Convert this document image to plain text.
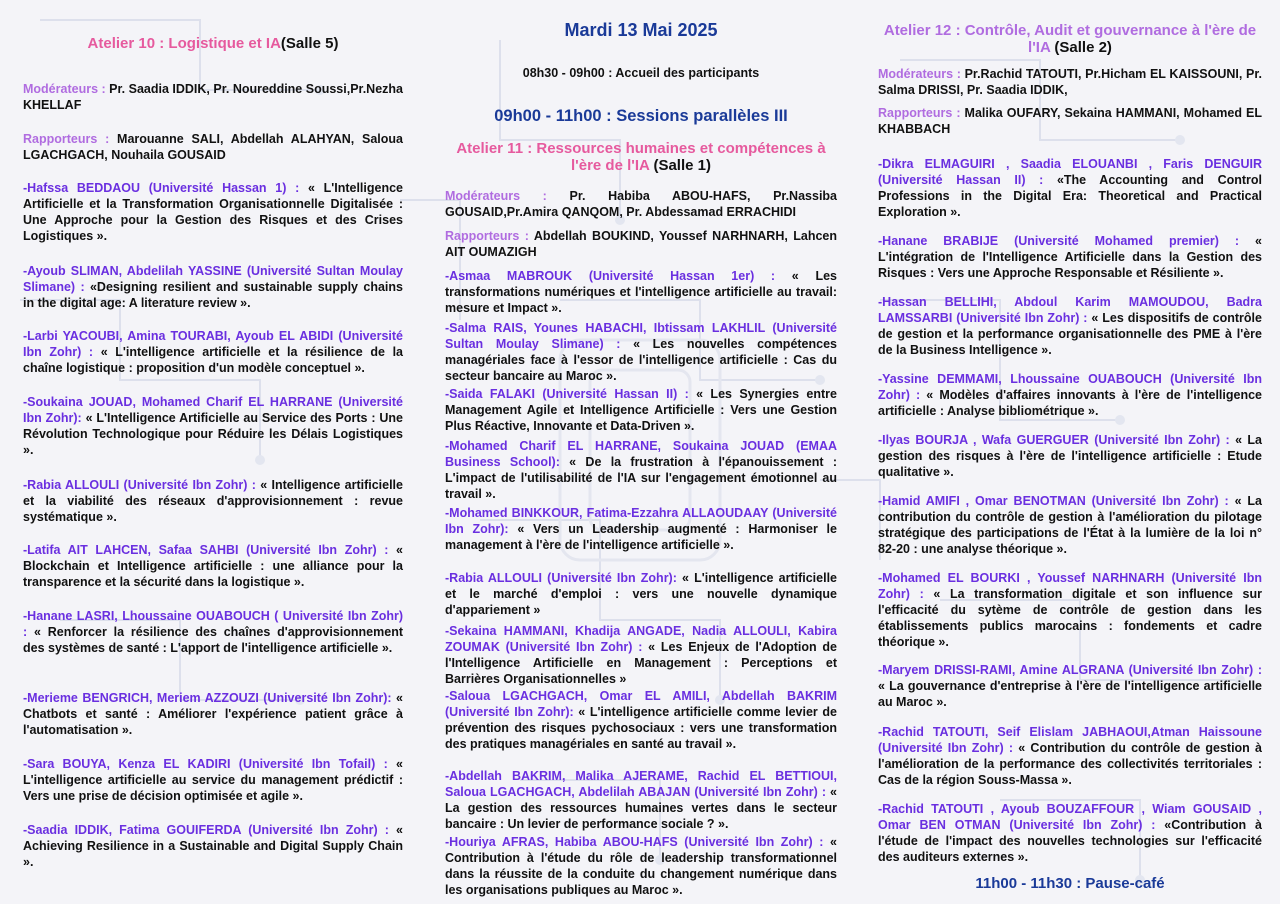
Atelier 10 : Logistique et IA(Salle 5)
Modérateurs : Pr. Saadia IDDIK, Pr. Noureddine Soussi,Pr.Nezha KHELLAF
Rapporteurs : Marouanne SALI, Abdellah ALAHYAN, Saloua LGACHGACH, Nouhaila GOUSAID
-Hafssa BEDDAOU (Université Hassan 1) : « L'Intelligence Artificielle et la Transformation Organisationnelle Digitalisée : Une Approche pour la Gestion des Risques et des Crises Logistiques ».
-Ayoub SLIMAN, Abdelilah YASSINE (Université Sultan Moulay Slimane) : «Designing resilient and sustainable supply chains in the digital age: A literature review ».
-Larbi YACOUBI, Amina TOURABI, Ayoub EL ABIDI (Université Ibn Zohr) : « L'intelligence artificielle et la résilience de la chaîne logistique : proposition d'un modèle conceptuel ».
-Soukaina JOUAD, Mohamed Charif EL HARRANE (Université Ibn Zohr): « L'Intelligence Artificielle au Service des Ports : Une Révolution Technologique pour Réduire les Délais Logistiques ».
-Rabia ALLOULI (Université Ibn Zohr) : « Intelligence artificielle et la viabilité des réseaux d'approvisionnement : revue systématique ».
-Latifa AIT LAHCEN, Safaa SAHBI (Université Ibn Zohr) : « Blockchain et Intelligence artificielle : une alliance pour la transparence et la sécurité dans la logistique ».
-Hanane LASRI, Lhoussaine OUABOUCH ( Université Ibn Zohr) : « Renforcer la résilience des chaînes d'approvisionnement des systèmes de santé : L'apport de l'intelligence artificielle ».
-Merieme BENGRICH, Meriem AZZOUZI (Université Ibn Zohr): « Chatbots et santé : Améliorer l'expérience patient grâce à l'automatisation ».
-Sara BOUYA, Kenza EL KADIRI (Université Ibn Tofail) : « L'intelligence artificielle au service du management prédictif : Vers une prise de décision optimisée et agile ».
-Saadia IDDIK, Fatima GOUIFERDA (Université Ibn Zohr) : « Achieving Resilience in a Sustainable and Digital Supply Chain ».
Mardi 13 Mai 2025
08h30 - 09h00 : Accueil des participants
09h00 - 11h00 : Sessions parallèles III
Atelier 11 : Ressources humaines et compétences à l'ère de l'IA (Salle 1)
Modérateurs : Pr. Habiba ABOU-HAFS, Pr.Nassiba GOUSAID,Pr.Amira QANQOM, Pr. Abdessamad ERRACHIDI
Rapporteurs : Abdellah BOUKIND, Youssef NARHNARH, Lahcen AIT OUMAZIGH
-Asmaa MABROUK (Université Hassan 1er) : « Les transformations numériques et l'intelligence artificielle au travail: mesure et Impact ».
-Salma RAIS, Younes HABACHI, Ibtissam LAKHLIL (Université Sultan Moulay Slimane) : « Les nouvelles compétences managériales face à l'essor de l'intelligence artificielle : Cas du secteur bancaire au Maroc ».
-Saida FALAKI (Université Hassan II) : « Les Synergies entre Management Agile et Intelligence Artificielle : Vers une Gestion Plus Réactive, Innovante et Data-Driven ».
-Mohamed Charif EL HARRANE, Soukaina JOUAD (EMAA Business School): « De la frustration à l'épanouissement : L'impact de l'utilisabilité de l'IA sur l'engagement émotionnel au travail ».
-Mohamed BINKKOUR, Fatima-Ezzahra ALLAOUDAAY (Université Ibn Zohr): « Vers un Leadership augmenté : Harmoniser le management à l'ère de l'intelligence artificielle ».
-Rabia ALLOULI (Université Ibn Zohr): « L'intelligence artificielle et le marché d'emploi : vers une nouvelle dynamique d'appariement »
-Sekaina HAMMANI, Khadija ANGADE, Nadia ALLOULI, Kabira ZOUMAK (Université Ibn Zohr) : « Les Enjeux de l'Adoption de l'Intelligence Artificielle en Management : Perceptions et Barrières Organisationnelles »
-Saloua LGACHGACH, Omar EL AMILI, Abdellah BAKRIM (Université Ibn Zohr): « L'intelligence artificielle comme levier de prévention des risques pychosociaux : vers une transformation des pratiques managériales en santé au travail ».
-Abdellah BAKRIM, Malika AJERAME, Rachid EL BETTIOUI, Saloua LGACHGACH, Abdelilah ABAJAN (Université Ibn Zohr) : « La gestion des ressources humaines vertes dans le secteur bancaire : Un levier de performance sociale ? ».
-Houriya AFRAS, Habiba ABOU-HAFS (Université Ibn Zohr) : « Contribution à l'étude du rôle de leadership transformationnel dans la réussite de la conduite du changement numérique dans les organisations publiques au Maroc ».
Atelier 12 : Contrôle, Audit et gouvernance à l'ère de l'IA (Salle 2)
Modérateurs : Pr.Rachid TATOUTI, Pr.Hicham EL KAISSOUNI, Pr. Salma DRISSI, Pr. Saadia IDDIK,
Rapporteurs : Malika OUFARY, Sekaina HAMMANI, Mohamed EL KHABBACH
-Dikra ELMAGUIRI , Saadia ELOUANBI , Faris DENGUIR (Université Hassan II) : «The Accounting and Control Professions in the Digital Era: Theoretical and Practical Exploration ».
-Hanane BRABIJE (Université Mohamed premier) : « L'intégration de l'Intelligence Artificielle dans la Gestion des Risques : Vers une Approche Responsable et Résiliente ».
-Hassan BELLIHI, Abdoul Karim MAMOUDOU, Badra LAMSSARBI (Université Ibn Zohr) : « Les dispositifs de contrôle de gestion et la performance organisationnelle des PME à l'ère de la Business Intelligence ».
-Yassine DEMMAMI, Lhoussaine OUABOUCH (Université Ibn Zohr) : « Modèles d'affaires innovants à l'ère de l'intelligence artificielle : Analyse bibliométrique ».
-Ilyas BOURJA , Wafa GUERGUER (Université Ibn Zohr) : « La gestion des risques à l'ère de l'intelligence artificielle : Etude qualitative ».
-Hamid AMIFI , Omar BENOTMAN (Université Ibn Zohr) : « La contribution du contrôle de gestion à l'amélioration du pilotage stratégique des participations de l'État à la lumière de la loi n° 82-20 : une analyse théorique ».
-Mohamed EL BOURKI , Youssef NARHNARH (Université Ibn Zohr) : « La transformation digitale et son influence sur l'efficacité du sytème de contrôle de gestion dans les établissements publics marocains : fondements et cadre théorique ».
-Maryem DRISSI-RAMI, Amine ALGRANA (Université Ibn Zohr) : « La gouvernance d'entreprise à l'ère de l'intelligence artificielle au Maroc ».
-Rachid TATOUTI, Seif Elislam JABHAOUI,Atman Haissoune (Université Ibn Zohr) : « Contribution du contrôle de gestion à l'amélioration de la performance des collectivités territoriales : Cas de la région Souss-Massa ».
-Rachid TATOUTI , Ayoub BOUZAFFOUR , Wiam GOUSAID , Omar BEN OTMAN (Université Ibn Zohr) : «Contribution à l'étude de l'impact des nouvelles technologies sur l'efficacité des auditeurs externes ».
11h00 - 11h30 : Pause-café
